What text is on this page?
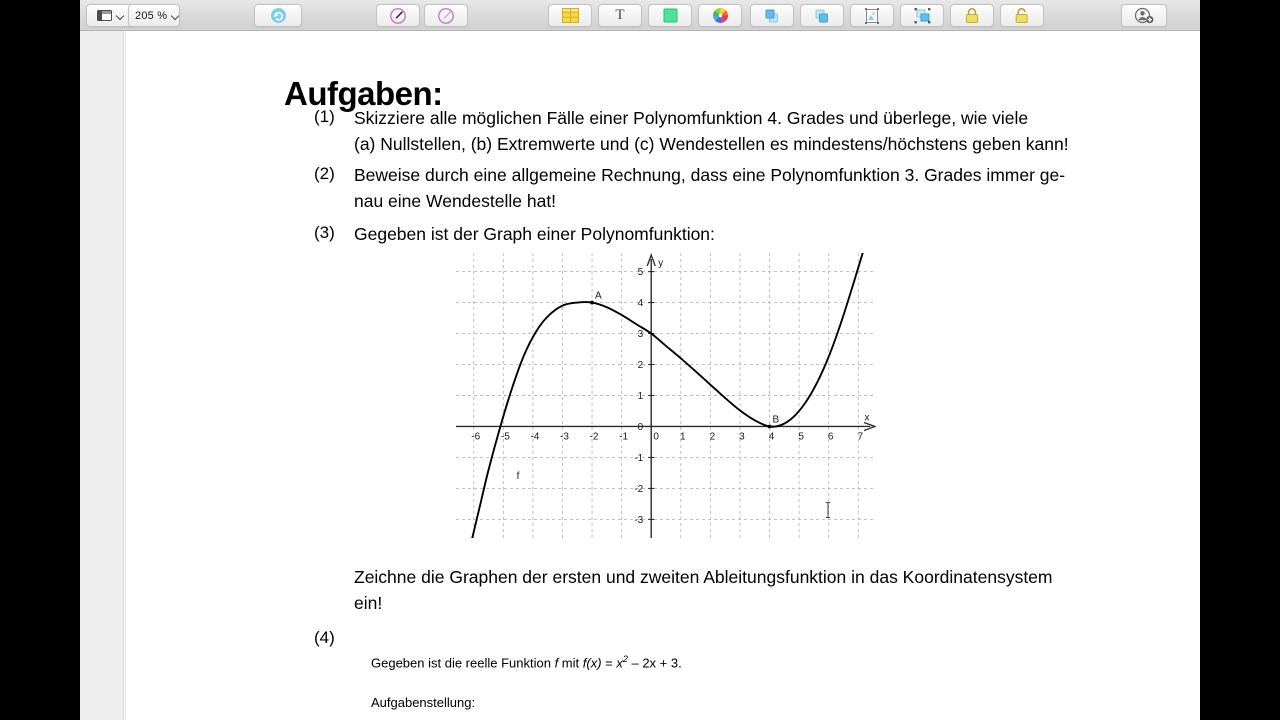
205 %	T
Aufgaben:
(1) Skizziere alle möglichen Fälle einer Polynomfunktion 4. Grades und überlege, wie viele
(a) Nullstellen, (b) Extremwerte und (c) Wendestellen es mindestens/höchstens geben kann!
(2) Beweise durch eine allgemeine Rechnung, dass eine Polynomfunktion 3. Grades immer ge-
nau eine Wendestelle hat!
(3) Gegeben ist der Graph einer Polynomfunktion:
-6 -5 -4 -3 -2 -1	1 2 3 4 5 6 7
-3
-2
-1
0
1
2
3
4
5
0
x
y
f
A
B
Zeichne die Graphen der ersten und zweiten Ableitungsfunktion in das Koordinatensystem
ein!
(4)
Gegeben ist die reelle Funktion f mit $f(x) = x^2 - 2x + 3$.
Aufgabenstellung:
